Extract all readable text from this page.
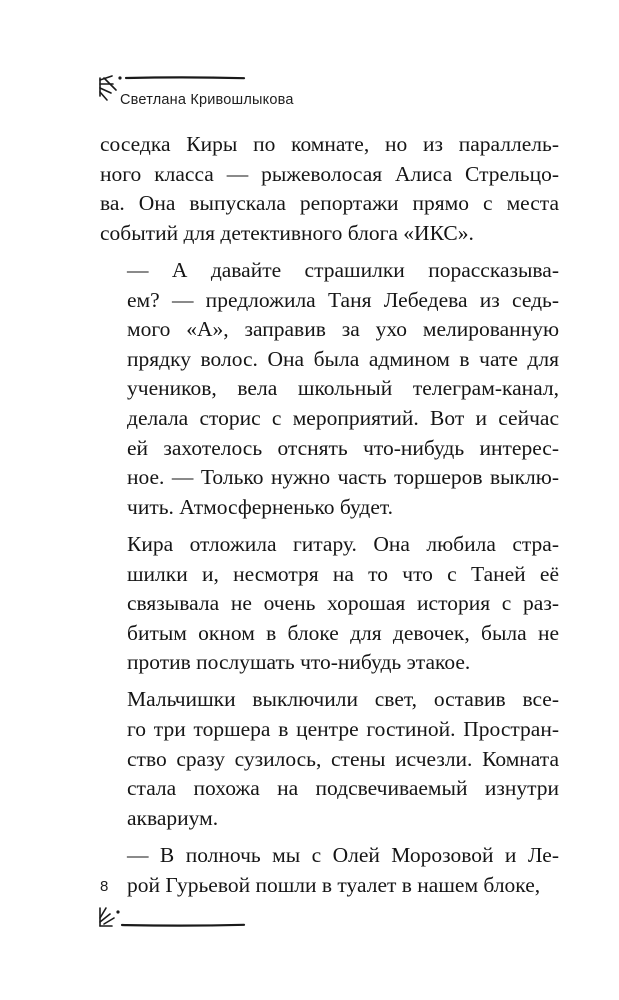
Светлана Кривошлыкова

соседка Киры по комнате, но из параллель-
ного класса — рыжеволосая Алиса Стрельцо-
ва. Она выпускала репортажи прямо с места
событий для детективного блога «ИКС».

— А давайте страшилки порассказыва-
ем? — предложила Таня Лебедева из седь-
мого «А», заправив за ухо мелированную
прядку волос. Она была админом в чате для
учеников, вела школьный телеграм-канал,
делала сторис с мероприятий. Вот и сейчас
ей захотелось отснять что-нибудь интерес-
ное. — Только нужно часть торшеров выклю-
чить. Атмосферненько будет.

Кира отложила гитару. Она любила стра-
шилки и, несмотря на то что с Таней её
связывала не очень хорошая история с раз-
битым окном в блоке для девочек, была не
против послушать что-нибудь этакое.

Мальчишки выключили свет, оставив все-
го три торшера в центре гостиной. Простран-
ство сразу сузилось, стены исчезли. Комната
стала похожа на подсвечиваемый изнутри
аквариум.

— В полночь мы с Олей Морозовой и Ле-
рой Гурьевой пошли в туалет в нашем блоке,

8
